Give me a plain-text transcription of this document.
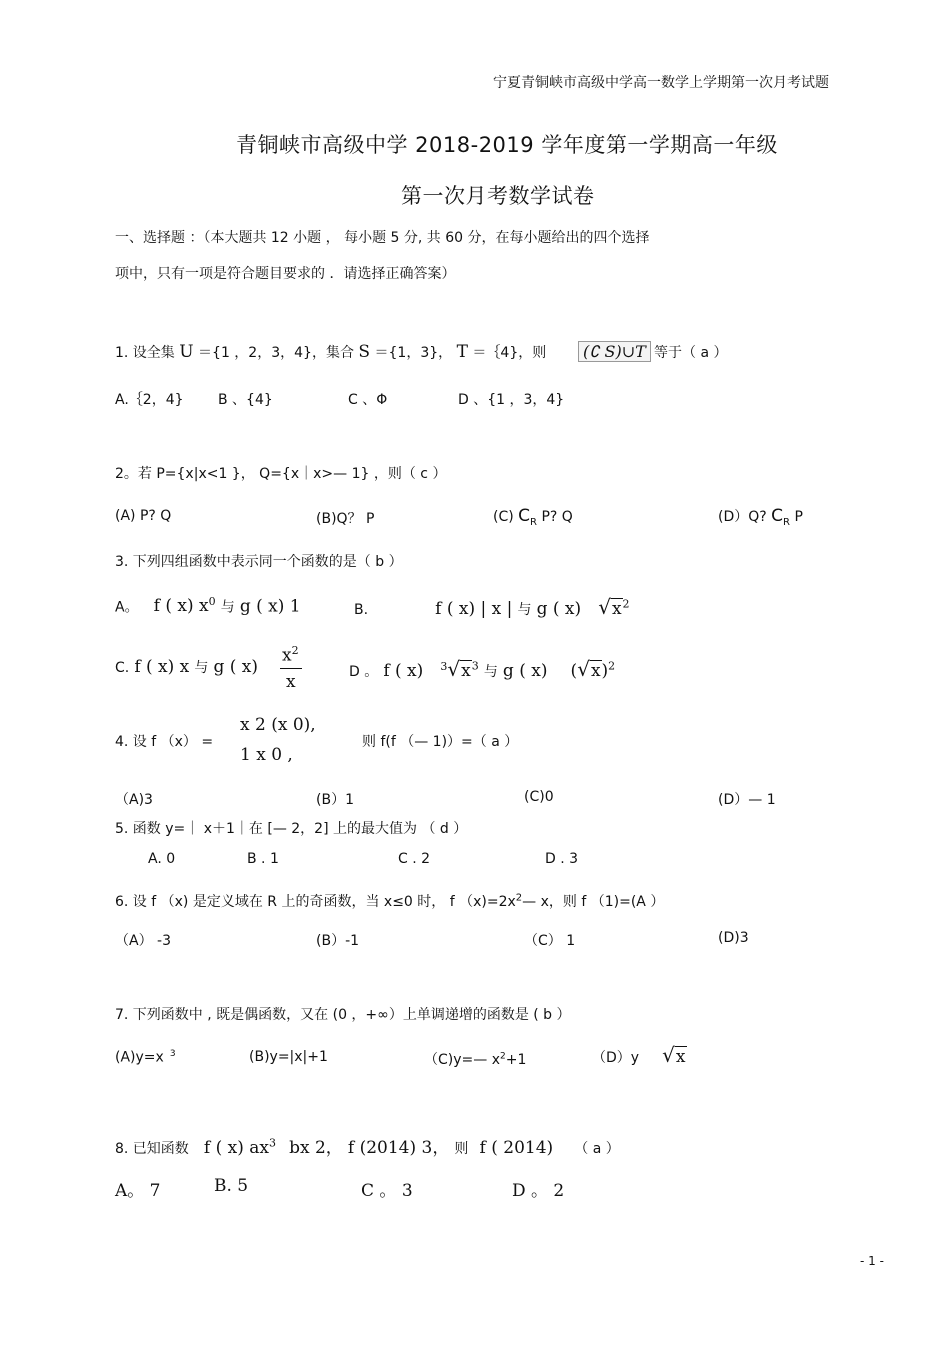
宁夏青铜峡市高级中学高一数学上学期第一次月考试题
青铜峡市高级中学 2018-2019 学年度第一学期高一年级
第一次月考数学试卷
一、选择题 ：（本大题共 12 小题 ， 每小题 5 分, 共 60 分，在每小题给出的四个选择
项中，只有一项是符合题目要求的 ．请选择正确答案）
1. 设全集 U ＝{1 ，2，3，4}，集合 S ＝{1，3}， T ＝｛4}，则	(∁ S)∪T 等于（ a ）
A.｛2，4} B 、{4}	C 、Φ	D 、{1 ，3，4}
2。若 P={x|x<1 }， Q={x｜x>— 1} ，则（ c ）
(A) P? Q	(B)Q？ P	(C) $C_R$ P? Q	(D）Q? $C_R$ P
3. 下列四组函数中表示同一个函数的是（ b ）
A。 f ( x) $x^0$ 与 g ( x) 1	B.	f ( x) | x | 与 g ( x) $√x^2$
C. f ( x) x 与 g ( x)
$x^2$
x	D 。 f ( x) $^3√x^3$ 与 g ( x) $(√x)^2$
4. 设 f （x） =
x 2 (x 0),
1 x 0 ,
则 f(f （— 1)）=（ a ）
（A)3	(B）1	(C)0	(D）— 1
5. 函数 y=｜ x＋1｜在 [— 2，2] 上的最大值为 （ d ）
A. 0	B . 1	C . 2	D . 3
6. 设 f （x) 是定义域在 R 上的奇函数，当 x≤0 时， f $(x)=2x^2—$ x，则 f （1)=(A ）
（A） -3	(B）-1	（C） 1	(D)3
7. 下列函数中 , 既是偶函数，又在 (0 ，+∞）上单调递增的函数是 ( b ）
(A)y=x $^3$	(B)y=|x|+1	（C)y=— $x^2+1$	（D）y √x
8. 已知函数 f ( x) $ax^3$ bx 2， f (2014) 3， 则 f ( 2014) （ a ）
A。 7	B. 5	C 。 3	D 。 2
- 1 -
